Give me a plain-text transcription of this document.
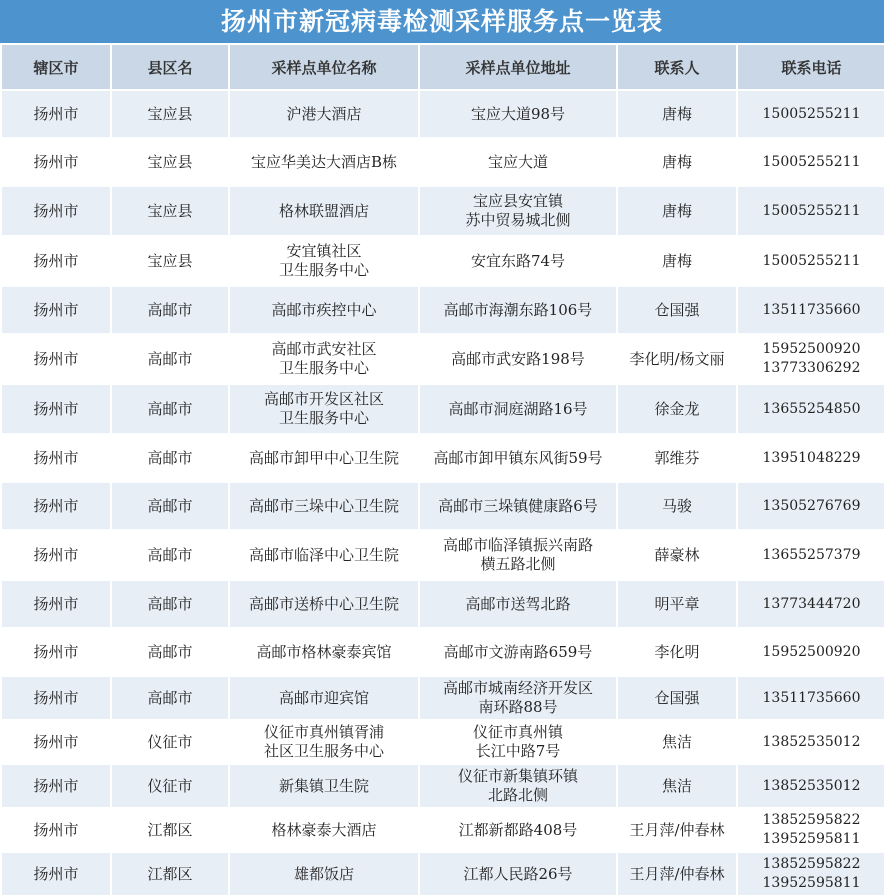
扬州市新冠病毒检测采样服务点一览表
辖区市	县区名	采样点单位名称	采样点单位地址	联系人	联系电话
扬州市	宝应县	沪港大酒店	宝应大道98号	唐梅	15005255211
扬州市	宝应县	宝应华美达大酒店B栋	宝应大道	唐梅	15005255211
扬州市	宝应县	格林联盟酒店	宝应县安宜镇
苏中贸易城北侧	唐梅	15005255211
扬州市	宝应县	安宜镇社区
卫生服务中心	安宜东路74号	唐梅	15005255211
扬州市	高邮市	高邮市疾控中心	高邮市海潮东路106号	仓国强	13511735660
扬州市	高邮市	高邮市武安社区
卫生服务中心	高邮市武安路198号	李化明/杨文丽	15952500920
13773306292
扬州市	高邮市	高邮市开发区社区
卫生服务中心	高邮市洞庭湖路16号	徐金龙	13655254850
扬州市	高邮市	高邮市卸甲中心卫生院	高邮市卸甲镇东风街59号	郭维芬	13951048229
扬州市	高邮市	高邮市三垛中心卫生院	高邮市三垛镇健康路6号	马骏	13505276769
扬州市	高邮市	高邮市临泽中心卫生院	高邮市临泽镇振兴南路
横五路北侧	薛豪林	13655257379
扬州市	高邮市	高邮市送桥中心卫生院	高邮市送驾北路	明平章	13773444720
扬州市	高邮市	高邮市格林豪泰宾馆	高邮市文游南路659号	李化明	15952500920
扬州市	高邮市	高邮市迎宾馆	高邮市城南经济开发区
南环路88号	仓国强	13511735660
扬州市	仪征市	仪征市真州镇胥浦
社区卫生服务中心	仪征市真州镇
长江中路7号	焦洁	13852535012
扬州市	仪征市	新集镇卫生院	仪征市新集镇环镇
北路北侧	焦洁	13852535012
扬州市	江都区	格林豪泰大酒店	江都新都路408号	王月萍/仲春林	13852595822
13952595811
扬州市	江都区	雄都饭店	江都人民路26号	王月萍/仲春林	13852595822
13952595811
